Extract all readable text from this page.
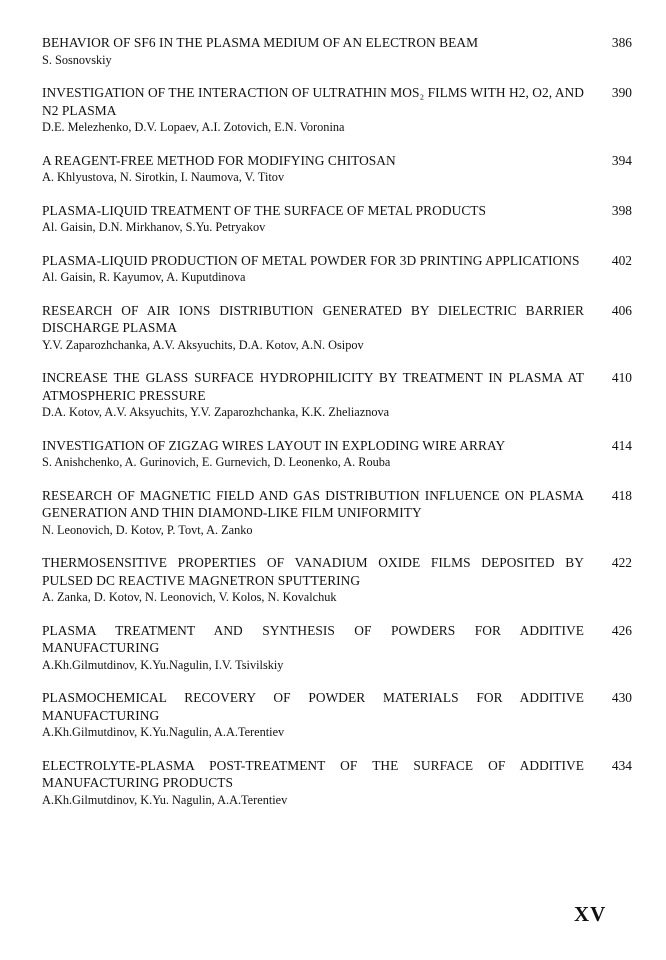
BEHAVIOR OF SF6 IN THE PLASMA MEDIUM OF AN ELECTRON BEAM
S. Sosnovskiy
386
INVESTIGATION OF THE INTERACTION OF ULTRATHIN MOS₂ FILMS WITH H2, O2, AND N2 PLASMA
D.E. Melezhenko, D.V. Lopaev, A.I. Zotovich, E.N. Voronina
390
A REAGENT-FREE METHOD FOR MODIFYING CHITOSAN
A. Khlyustova, N. Sirotkin, I. Naumova, V. Titov
394
PLASMA-LIQUID TREATMENT OF THE SURFACE OF METAL PRODUCTS
Al. Gaisin, D.N. Mirkhanov, S.Yu. Petryakov
398
PLASMA-LIQUID PRODUCTION OF METAL POWDER FOR 3D PRINTING APPLICATIONS
Al. Gaisin, R. Kayumov, A. Kuputdinova
402
RESEARCH OF AIR IONS DISTRIBUTION GENERATED BY DIELECTRIC BARRIER DISCHARGE PLASMA
Y.V. Zaparozhchanka, A.V. Aksyuchits, D.A. Kotov, A.N. Osipov
406
INCREASE THE GLASS SURFACE HYDROPHILICITY BY TREATMENT IN PLASMA AT ATMOSPHERIC PRESSURE
D.A. Kotov, A.V. Aksyuchits, Y.V. Zaparozhchanka, K.K. Zheliaznova
410
INVESTIGATION OF ZIGZAG WIRES LAYOUT IN EXPLODING WIRE ARRAY
S. Anishchenko, A. Gurinovich, E. Gurnevich, D. Leonenko, A. Rouba
414
RESEARCH OF MAGNETIC FIELD AND GAS DISTRIBUTION INFLUENCE ON PLASMA GENERATION AND THIN DIAMOND-LIKE FILM UNIFORMITY
N. Leonovich, D. Kotov, P. Tovt, A. Zanko
418
THERMOSENSITIVE PROPERTIES OF VANADIUM OXIDE FILMS DEPOSITED BY PULSED DC REACTIVE MAGNETRON SPUTTERING
A. Zanka, D. Kotov, N. Leonovich, V. Kolos, N. Kovalchuk
422
PLASMA TREATMENT AND SYNTHESIS OF POWDERS FOR ADDITIVE MANUFACTURING
A.Kh.Gilmutdinov, K.Yu.Nagulin, I.V. Tsivilskiy
426
PLASMOCHEMICAL RECOVERY OF POWDER MATERIALS FOR ADDITIVE MANUFACTURING
A.Kh.Gilmutdinov, K.Yu.Nagulin, A.A.Terentiev
430
ELECTROLYTE-PLASMA POST-TREATMENT OF THE SURFACE OF ADDITIVE MANUFACTURING PRODUCTS
A.Kh.Gilmutdinov, K.Yu. Nagulin, A.A.Terentiev
434
XV
